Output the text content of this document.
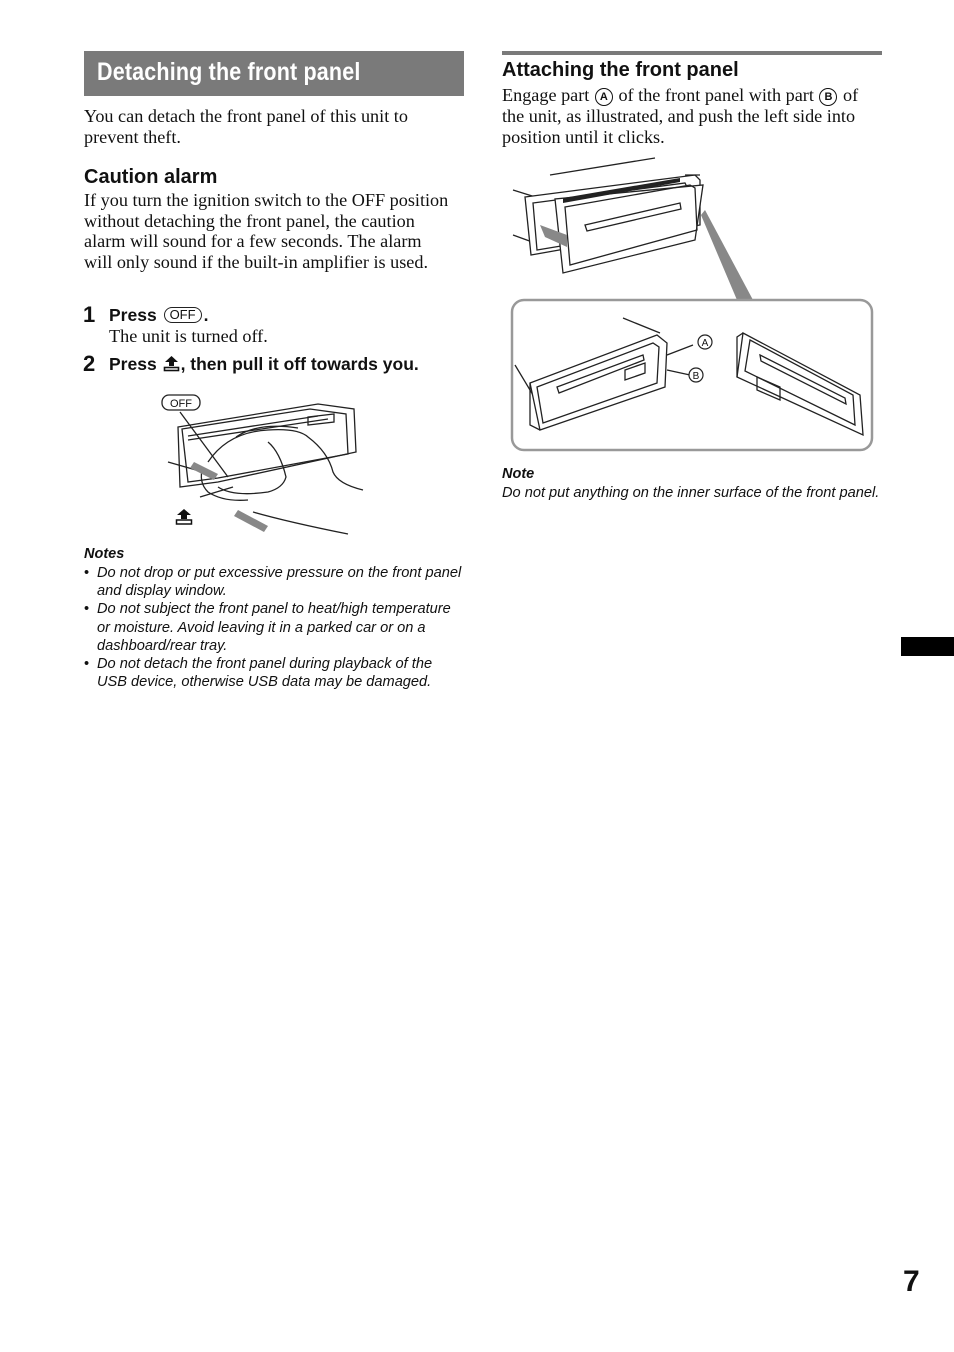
Detaching the front panel

You can detach the front panel of this unit to prevent theft.

Caution alarm

If you turn the ignition switch to the OFF position without detaching the front panel, the caution alarm will sound for a few seconds. The alarm will only sound if the built-in amplifier is used.

1 Press OFF .
The unit is turned off.
2 Press , then pull it off towards you.
OFF
Notes
• Do not drop or put excessive pressure on the front panel and display window.
• Do not subject the front panel to heat/high temperature or moisture. Avoid leaving it in a parked car or on a dashboard/rear tray.
• Do not detach the front panel during playback of the USB device, otherwise USB data may be damaged.
Attaching the front panel

Engage part A of the front panel with part B of the unit, as illustrated, and push the left side into position until it clicks.

A
B
Note

Do not put anything on the inner surface of the front panel.

7
